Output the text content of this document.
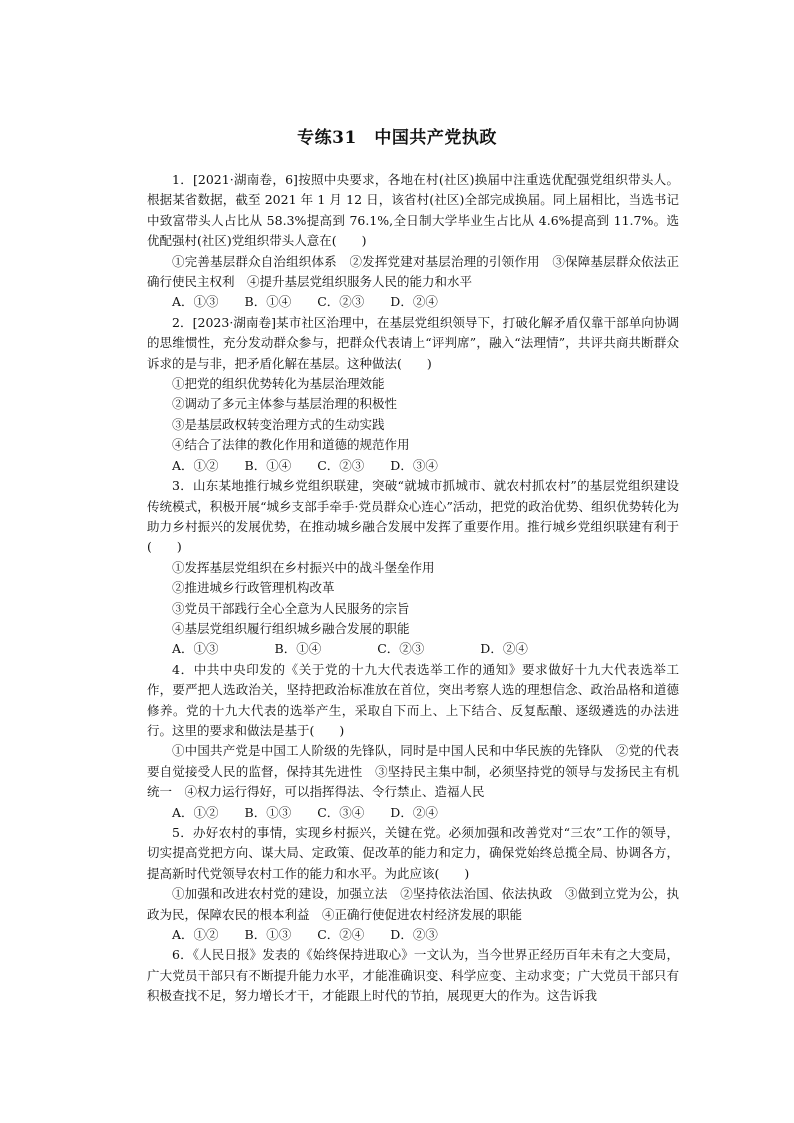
专练31　中国共产党执政

1．[2021·湖南卷，6]按照中央要求，各地在村(社区)换届中注重选优配强党组织带头人。根据某省数据，截至 2021 年 1 月 12 日，该省村(社区)全部完成换届。同上届相比，当选书记中致富带头人占比从 58.3%提高到 76.1%,全日制大学毕业生占比从 4.6%提高到 11.7%。选优配强村(社区)党组织带头人意在(　　)

①完善基层群众自治组织体系　②发挥党建对基层治理的引领作用　③保障基层群众依法正确行使民主权利　④提升基层党组织服务人民的能力和水平

A．①③ B．①④ C．②③ D．②④

2．[2023·湖南卷]某市社区治理中，在基层党组织领导下，打破化解矛盾仅靠干部单向协调的思维惯性，充分发动群众参与，把群众代表请上“评判席”，融入“法理情”，共评共商共断群众诉求的是与非，把矛盾化解在基层。这种做法(　　)

①把党的组织优势转化为基层治理效能

②调动了多元主体参与基层治理的积极性

③是基层政权转变治理方式的生动实践

④结合了法律的教化作用和道德的规范作用

A．①② B．①④ C．②③ D．③④

3．山东某地推行城乡党组织联建，突破“就城市抓城市、就农村抓农村”的基层党组织建设传统模式，积极开展“城乡支部手牵手·党员群众心连心”活动，把党的政治优势、组织优势转化为助力乡村振兴的发展优势，在推动城乡融合发展中发挥了重要作用。推行城乡党组织联建有利于(　　)

①发挥基层党组织在乡村振兴中的战斗堡垒作用

②推进城乡行政管理机构改革

③党员干部践行全心全意为人民服务的宗旨

④基层党组织履行组织城乡融合发展的职能

A．①③	B．①④	C．②③	D．②④

4．中共中央印发的《关于党的十九大代表选举工作的通知》要求做好十九大代表选举工作，要严把人选政治关，坚持把政治标准放在首位，突出考察人选的理想信念、政治品格和道德修养。党的十九大代表的选举产生，采取自下而上、上下结合、反复酝酿、逐级遴选的办法进行。这里的要求和做法是基于(　　)

①中国共产党是中国工人阶级的先锋队，同时是中国人民和中华民族的先锋队　②党的代表要自觉接受人民的监督，保持其先进性　③坚持民主集中制，必须坚持党的领导与发扬民主有机统一　④权力运行得好，可以指挥得法、令行禁止、造福人民

A．①② B．①③ C．③④ D．②④

5．办好农村的事情，实现乡村振兴，关键在党。必须加强和改善党对“三农”工作的领导，切实提高党把方向、谋大局、定政策、促改革的能力和定力，确保党始终总揽全局、协调各方，提高新时代党领导农村工作的能力和水平。为此应该(　　)

①加强和改进农村党的建设，加强立法　②坚持依法治国、依法执政　③做到立党为公，执政为民，保障农民的根本利益　④正确行使促进农村经济发展的职能

A．①② B．①③ C．②④ D．②③

6．《人民日报》发表的《始终保持进取心》一文认为，当今世界正经历百年未有之大变局，广大党员干部只有不断提升能力水平，才能准确识变、科学应变、主动求变；广大党员干部只有积极查找不足，努力增长才干，才能跟上时代的节拍，展现更大的作为。这告诉我
